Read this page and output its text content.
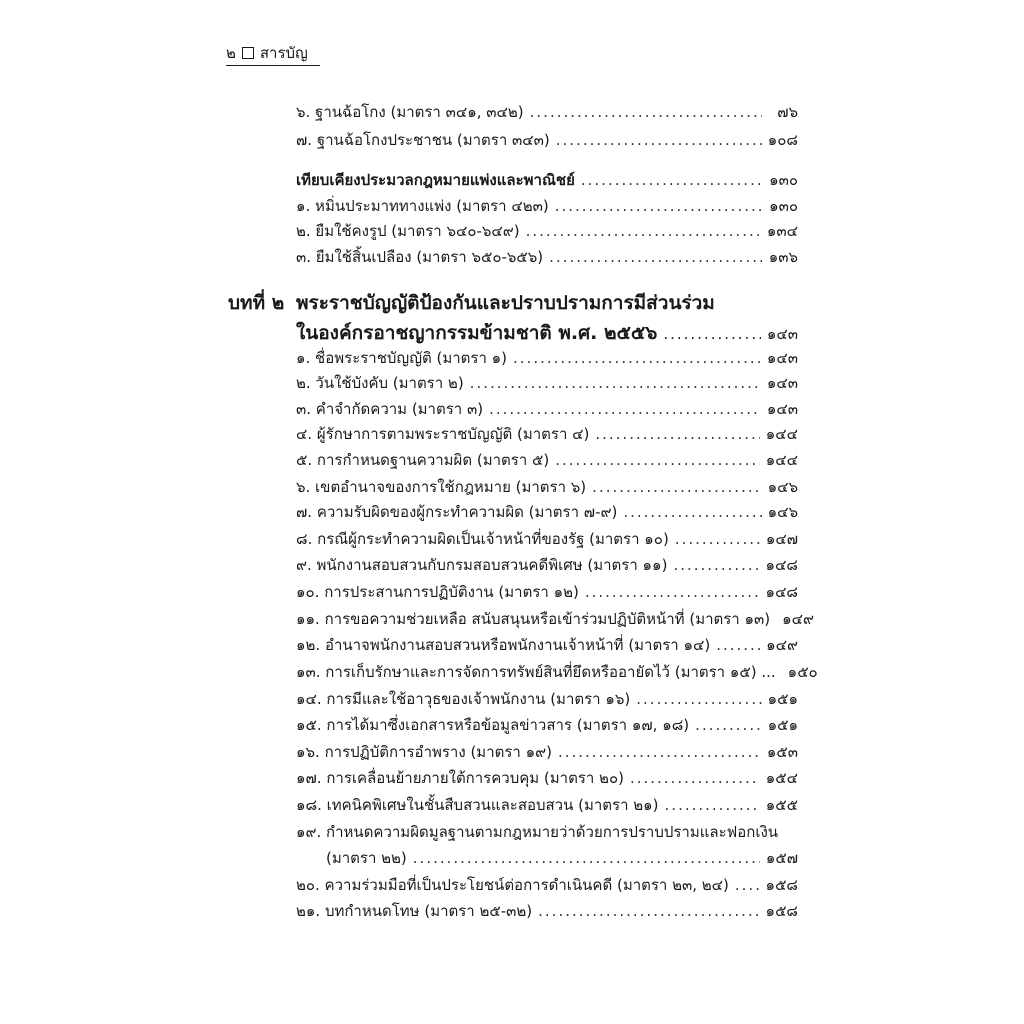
๒ สารบัญ
๖. ฐานฉ้อโกง (มาตรา ๓๔๑, ๓๔๒) .....	๗๖
๗. ฐานฉ้อโกงประชาชน (มาตรา ๓๔๓) .....	๑๐๘
เทียบเคียงประมวลกฎหมายแพ่งและพาณิชย์ .....	๑๓๐
๑. หมิ่นประมาททางแพ่ง (มาตรา ๔๒๓) .....	๑๓๐
๒. ยืมใช้คงรูป (มาตรา ๖๔๐-๖๔๙) .....	๑๓๔
๓. ยืมใช้สิ้นเปลือง (มาตรา ๖๕๐-๖๕๖) .....	๑๓๖
บทที่ ๒ พระราชบัญญัติป้องกันและปราบปรามการมีส่วนร่วม
ในองค์กรอาชญากรรมข้ามชาติ พ.ศ. ๒๕๕๖ .....	๑๔๓
๑. ชื่อพระราชบัญญัติ (มาตรา ๑) .....	๑๔๓
๒. วันใช้บังคับ (มาตรา ๒) .....	๑๔๓
๓. คำจำกัดความ (มาตรา ๓) .....	๑๔๓
๔. ผู้รักษาการตามพระราชบัญญัติ (มาตรา ๔) .....	๑๔๔
๕. การกำหนดฐานความผิด (มาตรา ๕) .....	๑๔๔
๖. เขตอำนาจของการใช้กฎหมาย (มาตรา ๖) .....	๑๔๖
๗. ความรับผิดของผู้กระทำความผิด (มาตรา ๗-๙) .....	๑๔๖
๘. กรณีผู้กระทำความผิดเป็นเจ้าหน้าที่ของรัฐ (มาตรา ๑๐) .....	๑๔๗
๙. พนักงานสอบสวนกับกรมสอบสวนคดีพิเศษ (มาตรา ๑๑) .....	๑๔๘
๑๐. การประสานการปฏิบัติงาน (มาตรา ๑๒) .....	๑๔๘
๑๑. การขอความช่วยเหลือ สนับสนุนหรือเข้าร่วมปฏิบัติหน้าที่ (มาตรา ๑๓) ๑๔๙
๑๒. อำนาจพนักงานสอบสวนหรือพนักงานเจ้าหน้าที่ (มาตรา ๑๔) .....	๑๔๙
๑๓. การเก็บรักษาและการจัดการทรัพย์สินที่ยึดหรืออายัดไว้ (มาตรา ๑๕) ... ๑๕๐
๑๔. การมีและใช้อาวุธของเจ้าพนักงาน (มาตรา ๑๖) .....	๑๕๑
๑๕. การได้มาซึ่งเอกสารหรือข้อมูลข่าวสาร (มาตรา ๑๗, ๑๘) .....	๑๕๑
๑๖. การปฏิบัติการอำพราง (มาตรา ๑๙) .....	๑๕๓
๑๗. การเคลื่อนย้ายภายใต้การควบคุม (มาตรา ๒๐) .....	๑๕๔
๑๘. เทคนิคพิเศษในชั้นสืบสวนและสอบสวน (มาตรา ๒๑) .....	๑๕๕
๑๙. กำหนดความผิดมูลฐานตามกฎหมายว่าด้วยการปราบปรามและฟอกเงิน
(มาตรา ๒๒) .....	๑๕๗
๒๐. ความร่วมมือที่เป็นประโยชน์ต่อการดำเนินคดี (มาตรา ๒๓, ๒๔) ..... ๑๕๘
๒๑. บทกำหนดโทษ (มาตรา ๒๕-๓๒) .....	๑๕๘
